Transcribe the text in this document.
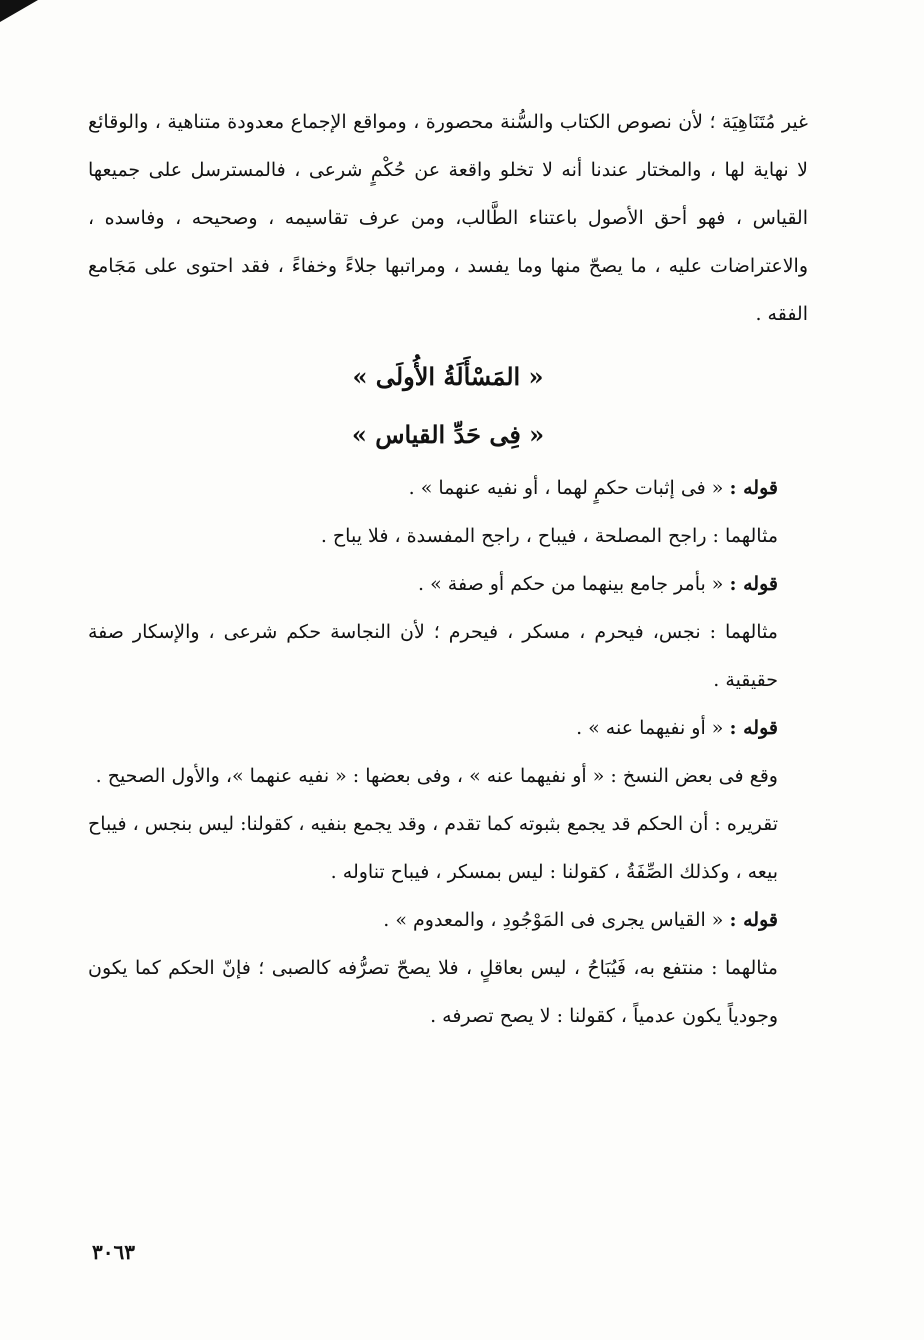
غير مُتَنَاهِيَة ؛ لأن نصوص الكتاب والسُّنة محصورة ، ومواقع الإجماع معدودة متناهية ، والوقائع لا نهاية لها ، والمختار عندنا أنه لا تخلو واقعة عن حُكْمٍ شرعى ، فالمسترسل على جميعها القياس ، فهو أحق الأصول باعتناء الطَّالب، ومن عرف تقاسيمه ، وصحيحه ، وفاسده ، والاعتراضات عليه ، ما يصحّ منها وما يفسد ، ومراتبها جلاءً وخفاءً ، فقد احتوى على مَجَامع الفقه .

« المَسْأَلَةُ الأُولَى »

« فِى حَدِّ القياس »

قوله : « فى إثبات حكمٍ لهما ، أو نفيه عنهما » .

مثالهما : راجح المصلحة ، فيباح ، راجح المفسدة ، فلا يباح .

قوله : « بأمر جامع بينهما من حكم أو صفة » .

مثالهما : نجس، فيحرم ، مسكر ، فيحرم ؛ لأن النجاسة حكم شرعى ، والإسكار صفة حقيقية .

قوله : « أو نفيهما عنه » .

وقع فى بعض النسخ : « أو نفيهما عنه » ، وفى بعضها : « نفيه عنهما »، والأول الصحيح .

تقريره : أن الحكم قد يجمع بثبوته كما تقدم ، وقد يجمع بنفيه ، كقولنا: ليس بنجس ، فيباح بيعه ، وكذلك الصِّفَةُ ، كقولنا : ليس بمسكر ، فيباح تناوله .

قوله : « القياس يجرى فى المَوْجُودِ ، والمعدوم » .

مثالهما : منتفع به، فَيُبَاحُ ، ليس بعاقلٍ ، فلا يصحّ تصرُّفه كالصبى ؛ فإنّ الحكم كما يكون وجودياً يكون عدمياً ، كقولنا : لا يصح تصرفه .

٣٠٦٣
